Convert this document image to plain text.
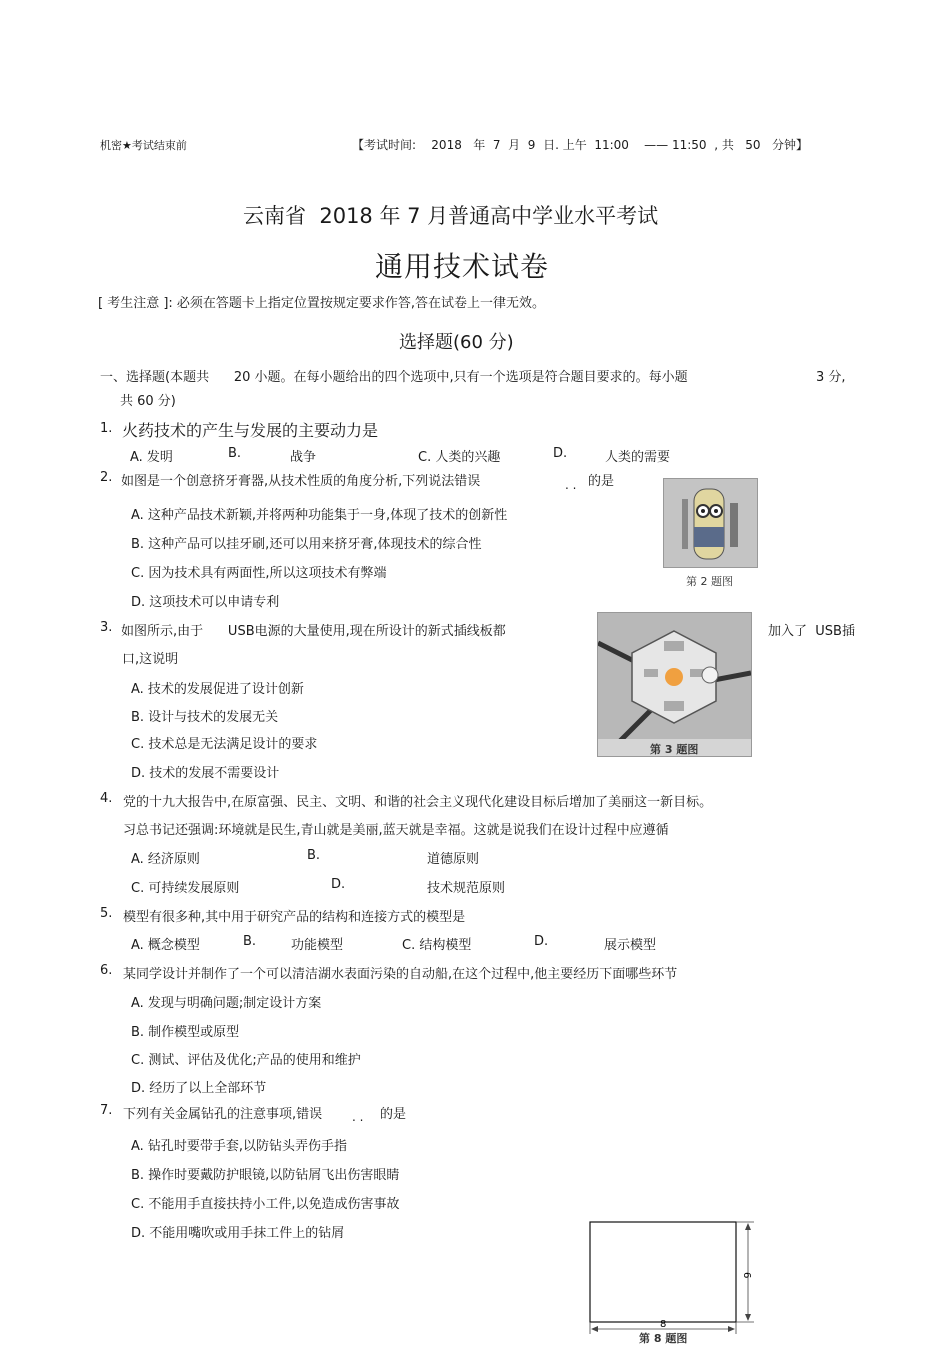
机密★考试结束前	【考试时间:    2018   年  7  月  9  日. 上午  11:00    —— 11:50  , 共   50   分钟】
云南省  2018 年 7 月普通高中学业水平考试
通用技术试卷
[ 考生注意 ]: 必须在答题卡上指定位置按规定要求作答,答在试卷上一律无效。
选择题(60 分)
一、选择题(本题共      20 小题。在每小题给出的四个选项中,只有一个选项是符合题目要求的。每小题	3 分,
共 60 分)
1. 火药技术的产生与发展的主要动力是
A. 发明	B.	战争	C. 人类的兴趣	D.	人类的需要
2. 如图是一个创意挤牙膏器,从技术性质的角度分析,下列说法错误	. . 的是
A. 这种产品技术新颖,并将两种功能集于一身,体现了技术的创新性
B. 这种产品可以挂牙刷,还可以用来挤牙膏,体现技术的综合性
C. 因为技术具有两面性,所以这项技术有弊端
D. 这项技术可以申请专利
第 2 题图
3. 如图所示,由于      USB电源的大量使用,现在所设计的新式插线板都	加入了  USB插
口,这说明
A. 技术的发展促进了设计创新
B. 设计与技术的发展无关
C. 技术总是无法满足设计的要求
D. 技术的发展不需要设计
第 3 题图
4. 党的十九大报告中,在原富强、民主、文明、和谐的社会主义现代化建设目标后增加了美丽这一新目标。
习总书记还强调:环境就是民生,青山就是美丽,蓝天就是幸福。这就是说我们在设计过程中应遵循
A. 经济原则	B.	道德原则
C. 可持续发展原则	D.	技术规范原则
5. 模型有很多种,其中用于研究产品的结构和连接方式的模型是
A. 概念模型	B.	功能模型	C. 结构模型	D.	展示模型
6. 某同学设计并制作了一个可以清洁湖水表面污染的自动船,在这个过程中,他主要经历下面哪些环节
A. 发现与明确问题;制定设计方案
B. 制作模型或原型
C. 测试、评估及优化;产品的使用和维护
D. 经历了以上全部环节
7. 下列有关金属钻孔的注意事项,错误 . . 的是
A. 钻孔时要带手套,以防钻头弄伤手指
B. 操作时要戴防护眼镜,以防钻屑飞出伤害眼睛
C. 不能用手直接扶持小工件,以免造成伤害事故
D. 不能用嘴吹或用手抹工件上的钻屑
6
8
第 8 题图
